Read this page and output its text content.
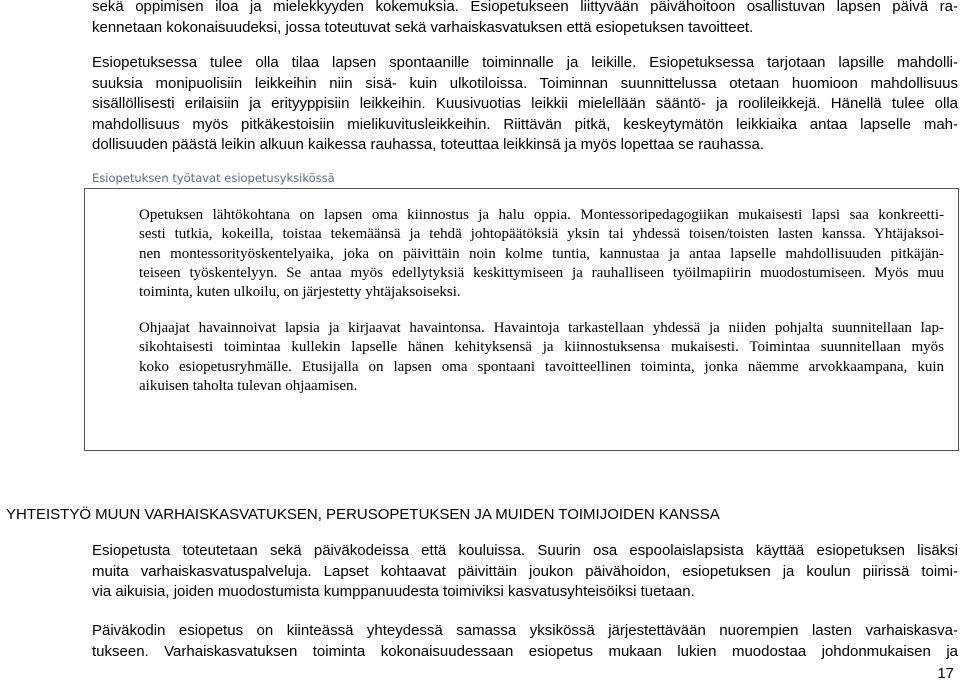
sekä oppimisen iloa ja mielekkyyden kokemuksia. Esiopetukseen liittyvään päivähoitoon osallistuvan lapsen päivä ra-
kennetaan kokonaisuudeksi, jossa toteutuvat sekä varhaiskasvatuksen että esiopetuksen tavoitteet.
Esiopetuksessa tulee olla tilaa lapsen spontaanille toiminnalle ja leikille. Esiopetuksessa tarjotaan lapsille mahdolli-
suuksia monipuolisiin leikkeihin niin sisä- kuin ulkotiloissa. Toiminnan suunnittelussa otetaan huomioon mahdollisuus
sisällöllisesti erilaisiin ja erityyppisiin leikkeihin. Kuusivuotias leikkii mielellään sääntö- ja roolileikkejä. Hänellä tulee olla
mahdollisuus myös pitkäkestoisiin mielikuvitusleikkeihin. Riittävän pitkä, keskeytymätön leikkiaika antaa lapselle mah-
dollisuuden päästä leikin alkuun kaikessa rauhassa, toteuttaa leikkinsä ja myös lopettaa se rauhassa.
Esiopetuksen työtavat esiopetusyksikössä
Opetuksen lähtökohtana on lapsen oma kiinnostus ja halu oppia. Montessoripedagogiikan mukaisesti lapsi saa konkreetti-
sesti tutkia, kokeilla, toistaa tekemäänsä ja tehdä johtopäätöksiä yksin tai yhdessä toisen/toisten lasten kanssa. Yhtäjaksoi-
nen montessorityöskentelyaika, joka on päivittäin noin kolme tuntia, kannustaa ja antaa lapselle mahdollisuuden pitkäjän-
teiseen työskentelyyn. Se antaa myös edellytyksiä keskittymiseen ja rauhalliseen työilmapiirin muodostumiseen. Myös muu
toiminta, kuten ulkoilu, on järjestetty yhtäjaksoiseksi.
Ohjaajat havainnoivat lapsia ja kirjaavat havaintonsa. Havaintoja tarkastellaan yhdessä ja niiden pohjalta suunnitellaan lap-
sikohtaisesti toimintaa kullekin lapselle hänen kehityksensä ja kiinnostuksensa mukaisesti. Toimintaa suunnitellaan myös
koko esiopetusryhmälle. Etusijalla on lapsen oma spontaani tavoitteellinen toiminta, jonka näemme arvokkaampana, kuin
aikuisen taholta tulevan ohjaamisen.
YHTEISTYÖ MUUN VARHAISKASVATUKSEN, PERUSOPETUKSEN JA MUIDEN TOIMIJOIDEN KANSSA
Esiopetusta toteutetaan sekä päiväkodeissa että kouluissa. Suurin osa espoolaislapsista käyttää esiopetuksen lisäksi
muita varhaiskasvatuspalveluja. Lapset kohtaavat päivittäin joukon päivähoidon, esiopetuksen ja koulun piirissä toimi-
via aikuisia, joiden muodostumista kumppanuudesta toimiviksi kasvatusyhteisöiksi tuetaan.
Päiväkodin esiopetus on kiinteässä yhteydessä samassa yksikössä järjestettävään nuorempien lasten varhaiskasva-
tukseen. Varhaiskasvatuksen toiminta kokonaisuudessaan esiopetus mukaan lukien muodostaa johdonmukaisen ja
17
